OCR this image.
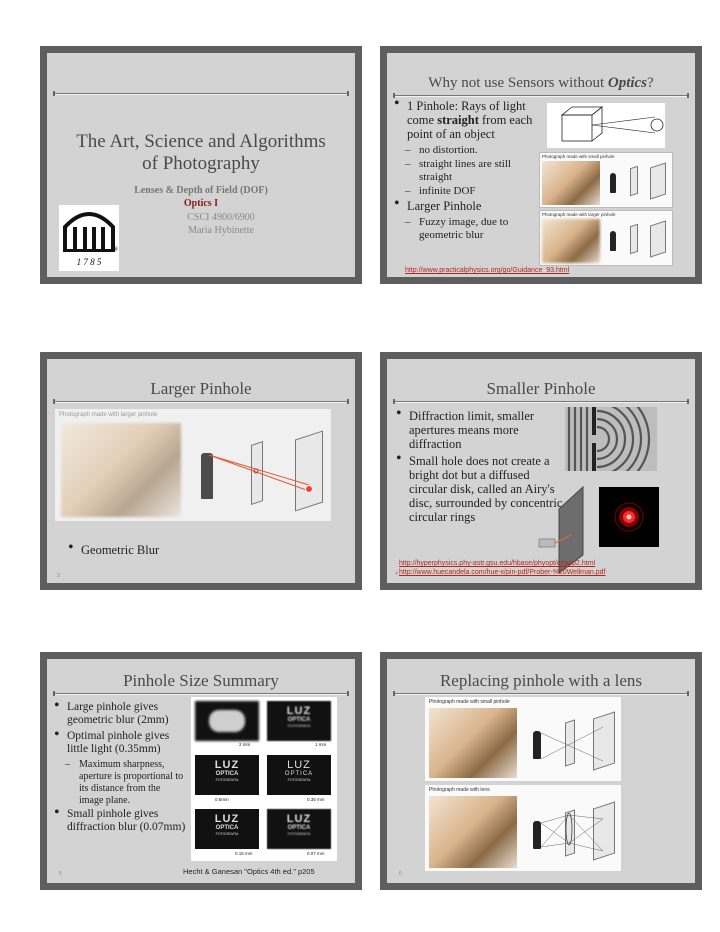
The Art, Science and Algorithms
of Photography
Lenses & Depth of Field (DOF)
Optics I
CSCI 4900/6900
Maria Hybinette
®
1 7 8 5
Why not use Sensors without Optics?
• 1 Pinhole: Rays of light come straight from each point of an object
– no distortion.
– straight lines are still straight
– infinite DOF
• Larger Pinhole
– Fuzzy image, due to geometric blur
Photograph made with small pinhole
Photograph made with larger pinhole
http://www.practicalphysics.org/go/Guidance_93.html
Larger Pinhole
Photograph made with larger pinhole
• Geometric Blur
3
Smaller Pinhole
• Diffraction limit, smaller apertures means more diffraction
• Small hole does not create a bright dot but a diffused circular disk, called an Airy's disc, surrounded by concentric circular rings
http://hyperphysics.phy-astr.gsu.edu/hbase/phyopt/cirapp2.html
http://www.huecandela.com/hue-x/pin-pdf/Prober-%20Wellman.pdf
4
Pinhole Size Summary
• Large pinhole gives geometric blur (2mm)
• Optimal pinhole gives little light (0.35mm)
– Maximum sharpness, aperture is proportional to its distance from the image plane.
• Small pinhole gives diffraction blur (0.07mm)
2 mm
LUZ
OPTICA
FOTOGRAFIA
1 mm
LUZ
OPTICA
FOTOGRAFIA
0.6mm
LUZ
OPTICA
FOTOGRAFIA
0.35 mm
LUZ
OPTICA
FOTOGRAFIA
0.15 mm
LUZ
OPTICA
FOTOGRAFIA
0.07 mm
Hecht & Ganesan "Optics 4th ed." p205
5
Replacing pinhole with a lens
Photograph made with small pinhole
Photograph made with lens
6
